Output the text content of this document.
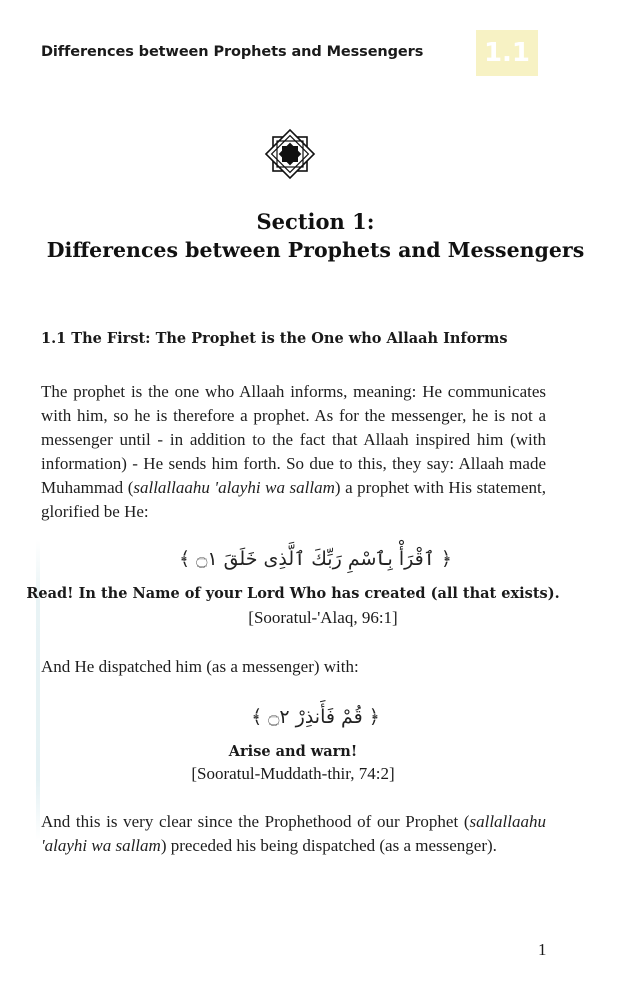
Differences between Prophets and Messengers	1.1
Section 1:
Differences between Prophets and Messengers
1.1 The First: The Prophet is the One who Allaah Informs
The prophet is the one who Allaah informs, meaning: He communicates
with him, so he is therefore a prophet. As for the messenger, he is not a
messenger until - in addition to the fact that Allaah inspired him (with
information) - He sends him forth. So due to this, they say: Allaah made
Muhammad (sallallaahu 'alayhi wa sallam) a prophet with His statement,
glorified be He:
﴿ ٱقْرَأْ بِٱسْمِ رَبِّكَ ٱلَّذِى خَلَقَ ۝١ ﴾
Read! In the Name of your Lord Who has created (all that exists).
[Sooratul-'Alaq, 96:1]
And He dispatched him (as a messenger) with:
﴿ قُمْ فَأَنذِرْ ۝٢ ﴾
Arise and warn!
[Sooratul-Muddath-thir, 74:2]
And this is very clear since the Prophethood of our Prophet (sallallaahu
'alayhi wa sallam) preceded his being dispatched (as a messenger).
1
